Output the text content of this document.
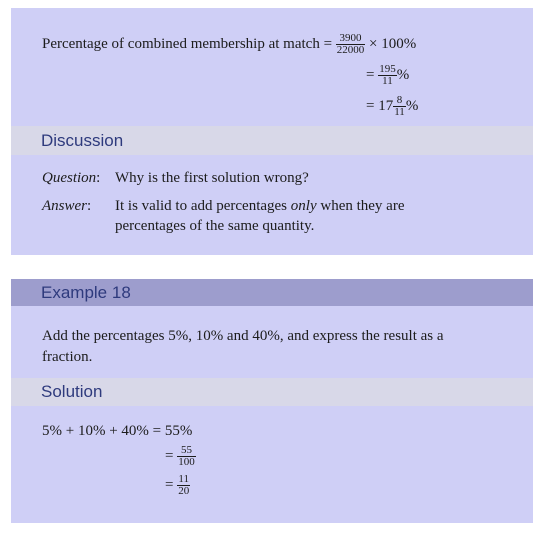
Percentage of combined membership at match = $\frac{3900}{22000} \times 100\%$
= $\frac{195}{11}$ %
= $17 \frac{8}{11}$ %
Discussion
Question: Why is the first solution wrong?
Answer: It is valid to add percentages only when they are
percentages of the same quantity.
Example 18
Add the percentages 5%, 10% and 40%, and express the result as a
fraction.
Solution
5% + 10% + 40% = 55%
= $\frac{55}{100}$
= $\frac{11}{20}$
